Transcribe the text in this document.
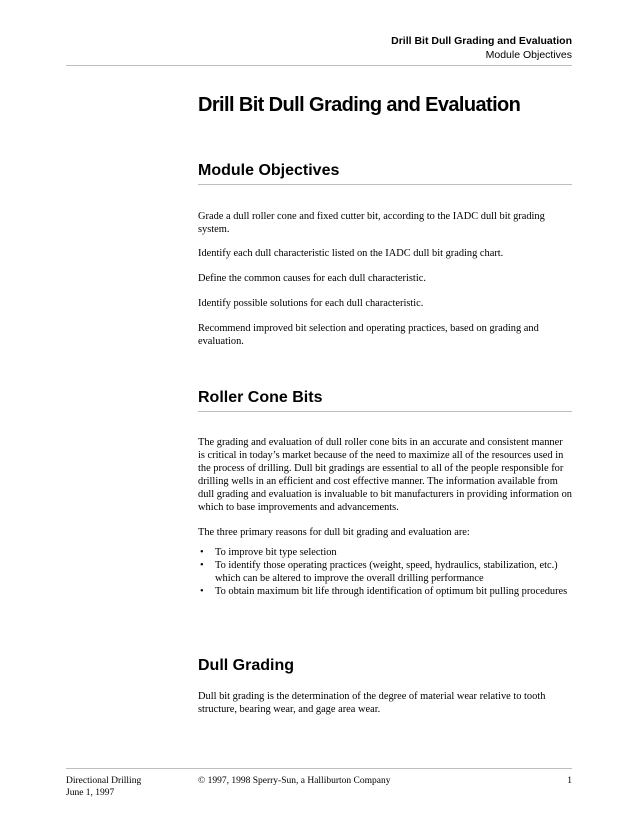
Drill Bit Dull Grading and Evaluation
Module Objectives
Drill Bit Dull Grading and Evaluation
Module Objectives

Grade a dull roller cone and fixed cutter bit, according to the IADC dull bit grading system.

Identify each dull characteristic listed on the IADC dull bit grading chart.

Define the common causes for each dull characteristic.

Identify possible solutions for each dull characteristic.

Recommend improved bit selection and operating practices, based on grading and evaluation.

Roller Cone Bits

The grading and evaluation of dull roller cone bits in an accurate and consistent manner is critical in today’s market because of the need to maximize all of the resources used in the process of drilling. Dull bit gradings are essential to all of the people responsible for drilling wells in an efficient and cost effective manner. The information available from dull grading and evaluation is invaluable to bit manufacturers in providing information on which to base improvements and advancements.

The three primary reasons for dull bit grading and evaluation are:

• To improve bit type selection
• To identify those operating practices (weight, speed, hydraulics, stabilization, etc.) which can be altered to improve the overall drilling performance
• To obtain maximum bit life through identification of optimum bit pulling procedures
Dull Grading

Dull bit grading is the determination of the degree of material wear relative to tooth structure, bearing wear, and gage area wear.

Directional Drilling
June 1, 1997
© 1997, 1998 Sperry-Sun, a Halliburton Company	1
